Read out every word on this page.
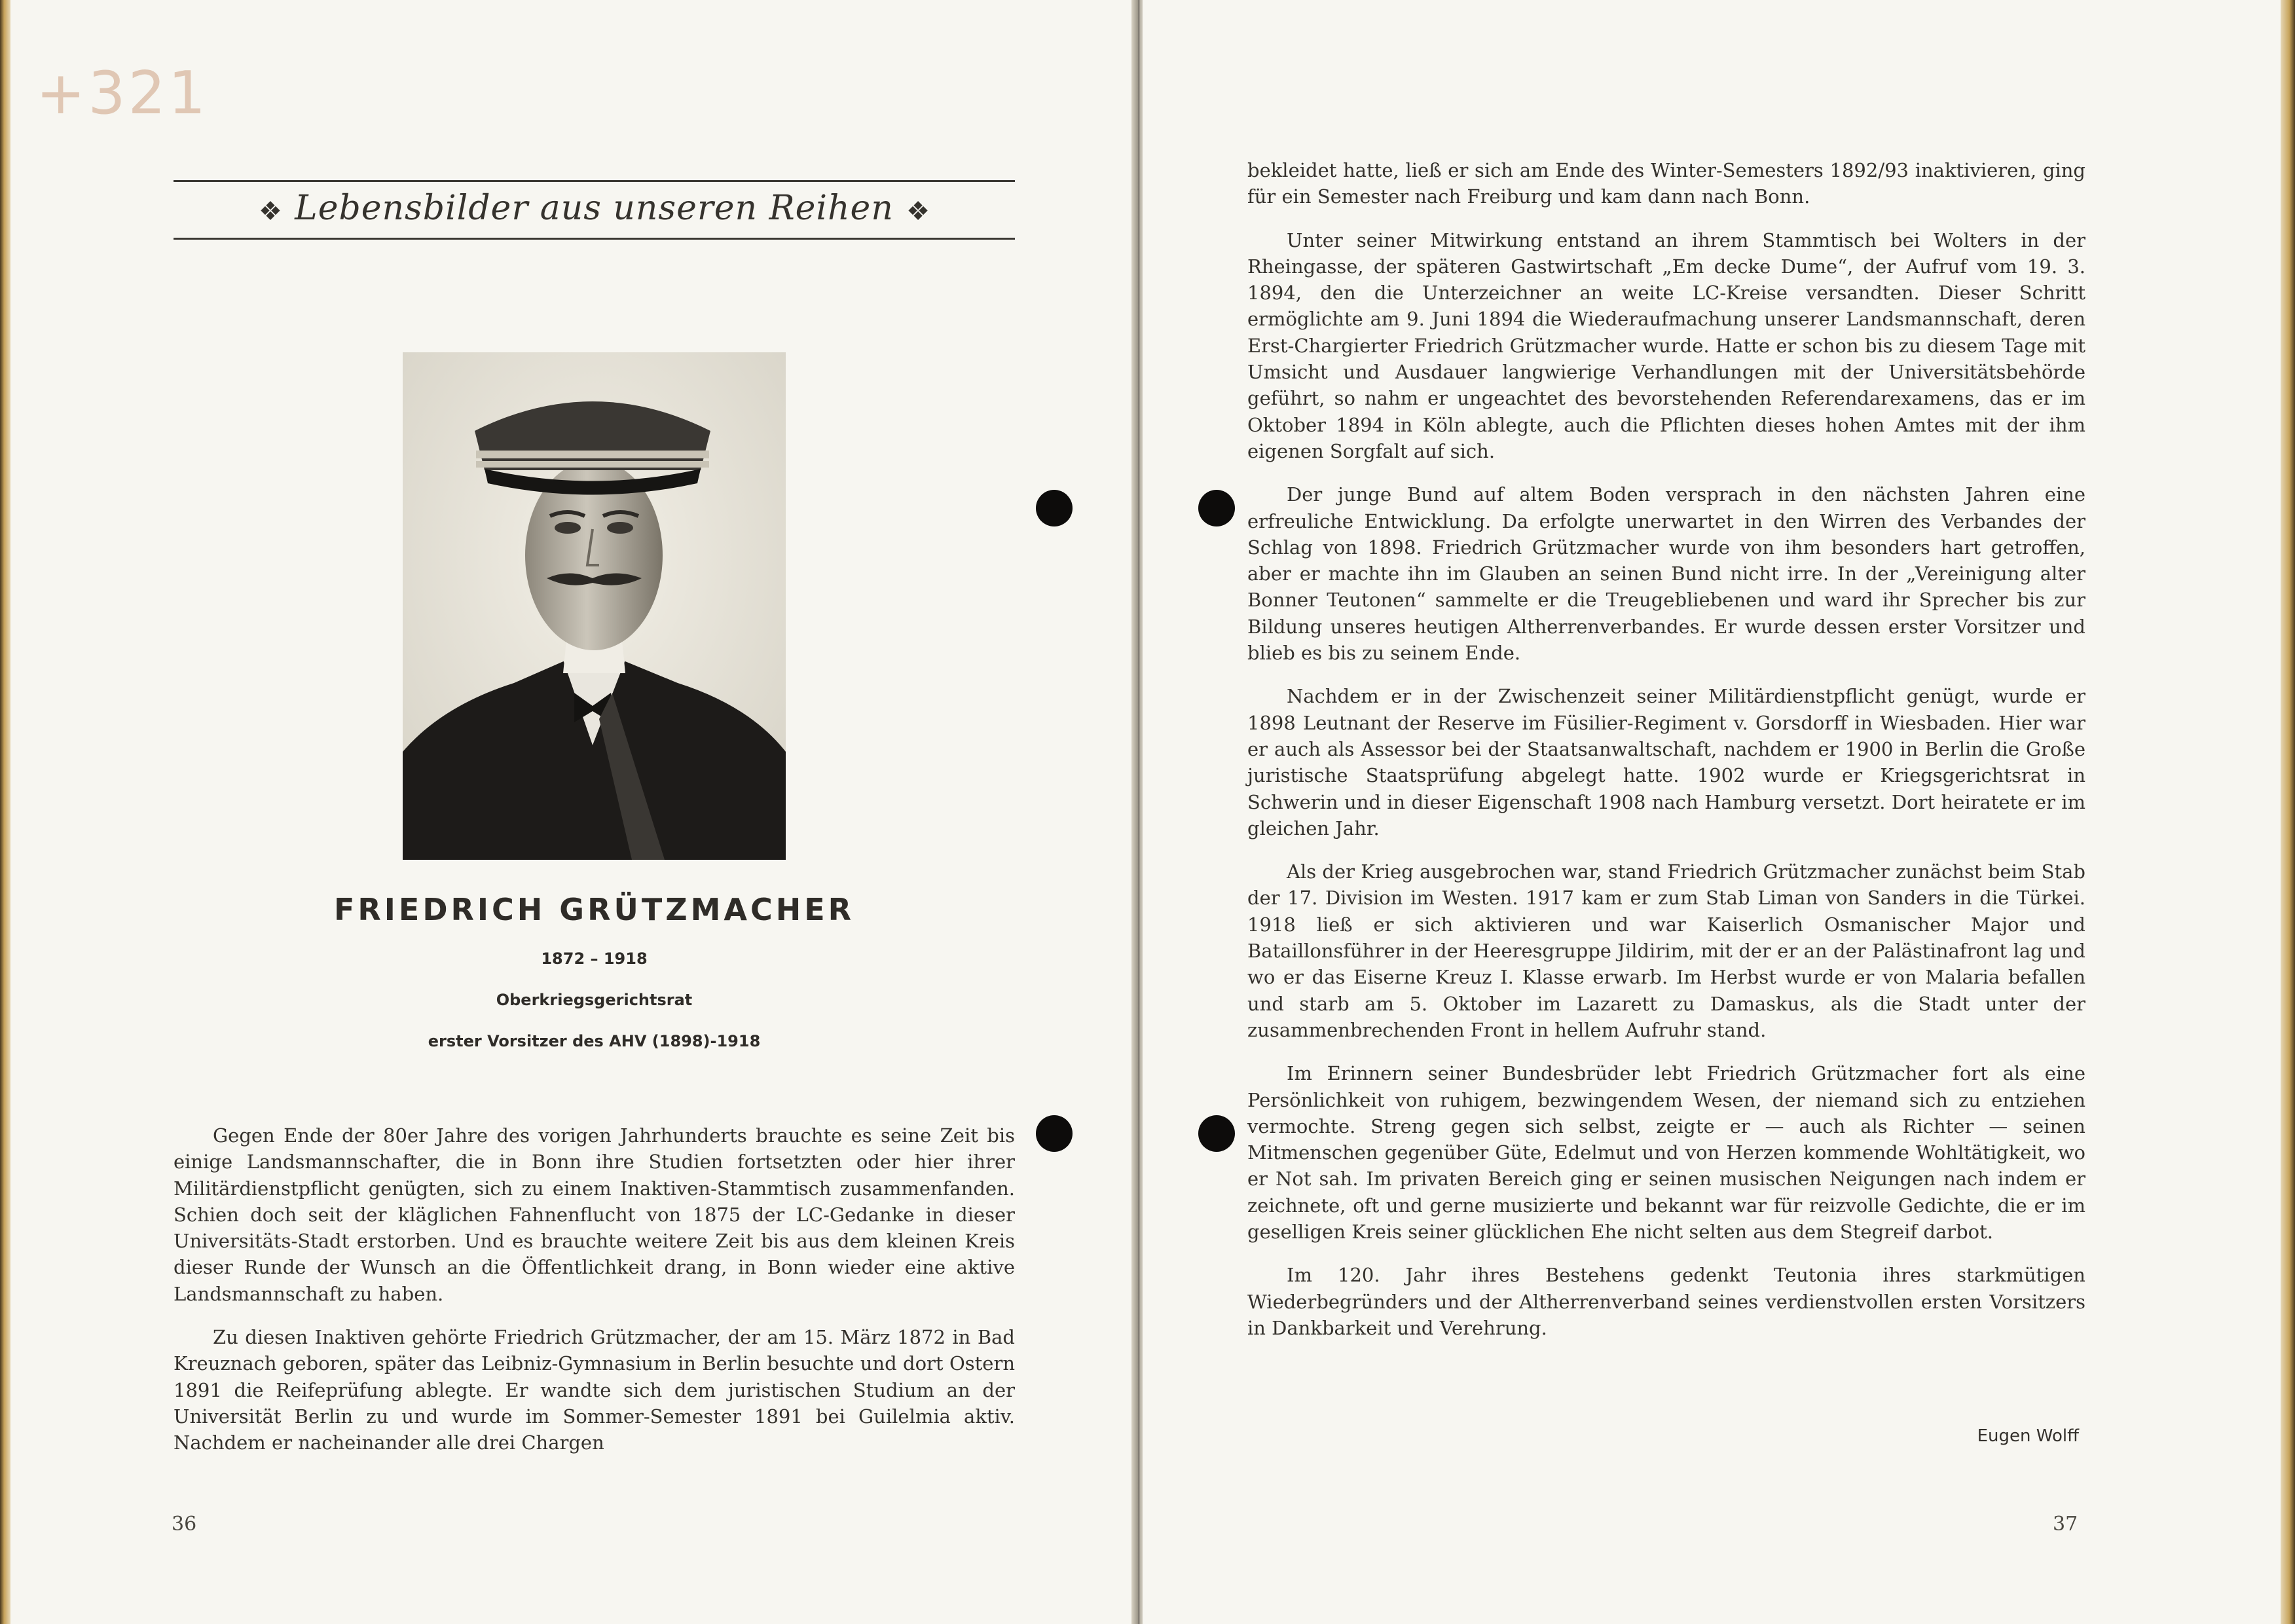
+321
❖ Lebensbilder aus unseren Reihen ❖
FRIEDRICH GRÜTZMACHER
1872 – 1918
Oberkriegsgerichtsrat
erster Vorsitzer des AHV (1898)-1918

Gegen Ende der 80er Jahre des vorigen Jahrhunderts brauchte es seine Zeit bis einige Landsmannschafter, die in Bonn ihre Studien fortsetzten oder hier ihrer Militärdienstpflicht genügten, sich zu einem Inaktiven-Stammtisch zusammenfanden. Schien doch seit der kläglichen Fahnenflucht von 1875 der LC-Gedanke in dieser Universitäts-Stadt erstorben. Und es brauchte weitere Zeit bis aus dem kleinen Kreis dieser Runde der Wunsch an die Öffentlichkeit drang, in Bonn wieder eine aktive Landsmannschaft zu haben.

Zu diesen Inaktiven gehörte Friedrich Grützmacher, der am 15. März 1872 in Bad Kreuznach geboren, später das Leibniz-Gymnasium in Berlin besuchte und dort Ostern 1891 die Reifeprüfung ablegte. Er wandte sich dem juristischen Studium an der Universität Berlin zu und wurde im Sommer-Semester 1891 bei Guilelmia aktiv. Nachdem er nacheinander alle drei Chargen

36

bekleidet hatte, ließ er sich am Ende des Winter-Semesters 1892/93 inaktivieren, ging für ein Semester nach Freiburg und kam dann nach Bonn.

Unter seiner Mitwirkung entstand an ihrem Stammtisch bei Wolters in der Rheingasse, der späteren Gastwirtschaft „Em decke Dume“, der Aufruf vom 19. 3. 1894, den die Unterzeichner an weite LC-Kreise versandten. Dieser Schritt ermöglichte am 9. Juni 1894 die Wiederaufmachung unserer Landsmannschaft, deren Erst-Chargierter Friedrich Grützmacher wurde. Hatte er schon bis zu diesem Tage mit Umsicht und Ausdauer langwierige Verhandlungen mit der Universitätsbehörde geführt, so nahm er ungeachtet des bevorstehenden Referendarexamens, das er im Oktober 1894 in Köln ablegte, auch die Pflichten dieses hohen Amtes mit der ihm eigenen Sorgfalt auf sich.

Der junge Bund auf altem Boden versprach in den nächsten Jahren eine erfreuliche Entwicklung. Da erfolgte unerwartet in den Wirren des Verbandes der Schlag von 1898. Friedrich Grützmacher wurde von ihm besonders hart getroffen, aber er machte ihn im Glauben an seinen Bund nicht irre. In der „Vereinigung alter Bonner Teutonen“ sammelte er die Treugebliebenen und ward ihr Sprecher bis zur Bildung unseres heutigen Altherrenverbandes. Er wurde dessen erster Vorsitzer und blieb es bis zu seinem Ende.

Nachdem er in der Zwischenzeit seiner Militärdienstpflicht genügt, wurde er 1898 Leutnant der Reserve im Füsilier-Regiment v. Gorsdorff in Wiesbaden. Hier war er auch als Assessor bei der Staatsanwaltschaft, nachdem er 1900 in Berlin die Große juristische Staatsprüfung abgelegt hatte. 1902 wurde er Kriegsgerichtsrat in Schwerin und in dieser Eigenschaft 1908 nach Hamburg versetzt. Dort heiratete er im gleichen Jahr.

Als der Krieg ausgebrochen war, stand Friedrich Grützmacher zunächst beim Stab der 17. Division im Westen. 1917 kam er zum Stab Liman von Sanders in die Türkei. 1918 ließ er sich aktivieren und war Kaiserlich Osmanischer Major und Bataillonsführer in der Heeresgruppe Jildirim, mit der er an der Palästinafront lag und wo er das Eiserne Kreuz I. Klasse erwarb. Im Herbst wurde er von Malaria befallen und starb am 5. Oktober im Lazarett zu Damaskus, als die Stadt unter der zusammenbrechenden Front in hellem Aufruhr stand.

Im Erinnern seiner Bundesbrüder lebt Friedrich Grützmacher fort als eine Persönlichkeit von ruhigem, bezwingendem Wesen, der niemand sich zu entziehen vermochte. Streng gegen sich selbst, zeigte er — auch als Richter — seinen Mitmenschen gegenüber Güte, Edelmut und von Herzen kommende Wohltätigkeit, wo er Not sah. Im privaten Bereich ging er seinen musischen Neigungen nach indem er zeichnete, oft und gerne musizierte und bekannt war für reizvolle Gedichte, die er im geselligen Kreis seiner glücklichen Ehe nicht selten aus dem Stegreif darbot.

Im 120. Jahr ihres Bestehens gedenkt Teutonia ihres starkmütigen Wiederbegründers und der Altherrenverband seines verdienstvollen ersten Vorsitzers in Dankbarkeit und Verehrung.

Eugen Wolff
37
